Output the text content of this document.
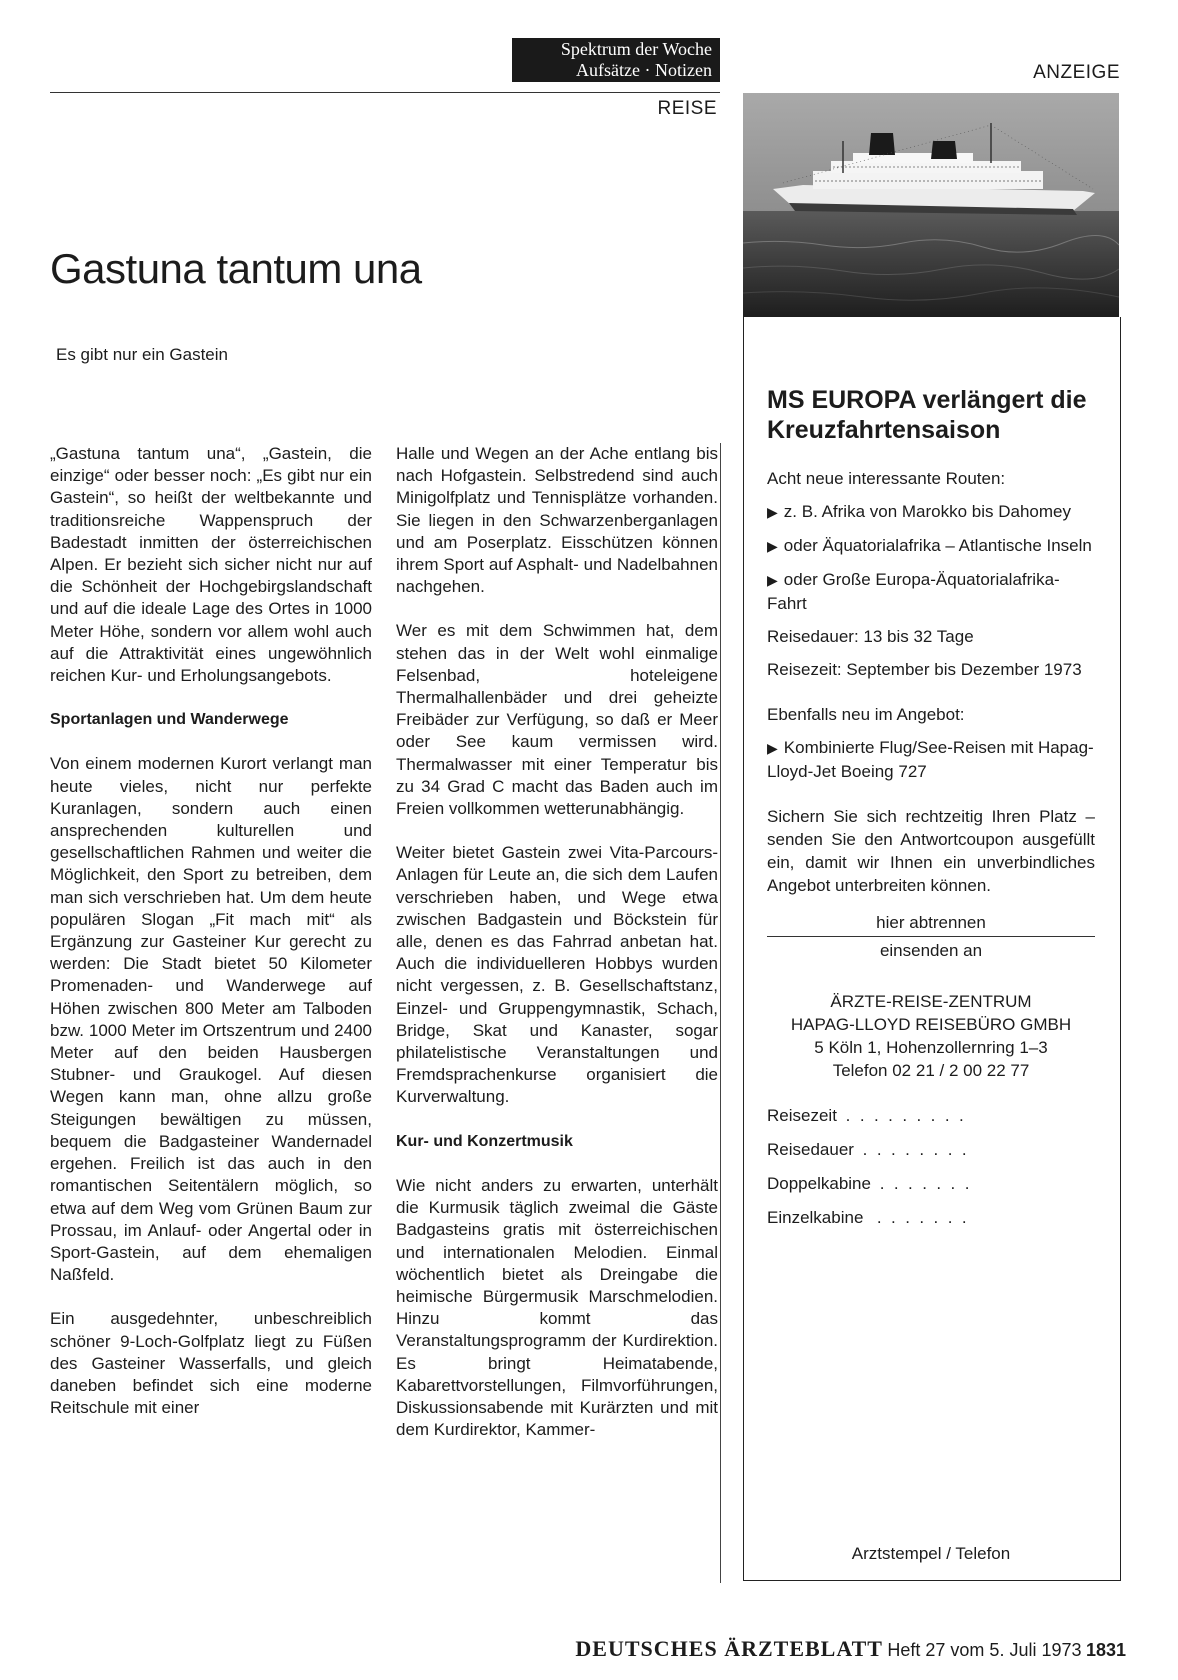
Spektrum der Woche
Aufsätze · Notizen
REISE
ANZEIGE
Gastuna tantum una
Es gibt nur ein Gastein

„Gastuna tantum una“, „Gastein, die einzige“ oder besser noch: „Es gibt nur ein Gastein“, so heißt der weltbekannte und traditionsreiche Wappenspruch der Badestadt inmitten der österreichischen Alpen. Er bezieht sich sicher nicht nur auf die Schönheit der Hochgebirgslandschaft und auf die ideale Lage des Ortes in 1000 Meter Höhe, sondern vor allem wohl auch auf die Attraktivität eines ungewöhnlich reichen Kur- und Erholungsangebots.

Sportanlagen und Wanderwege

Von einem modernen Kurort verlangt man heute vieles, nicht nur perfekte Kuranlagen, sondern auch einen ansprechenden kulturellen und gesellschaftlichen Rahmen und weiter die Möglichkeit, den Sport zu betreiben, dem man sich verschrieben hat. Um dem heute populären Slogan „Fit mach mit“ als Ergänzung zur Gasteiner Kur gerecht zu werden: Die Stadt bietet 50 Kilometer Promenaden- und Wanderwege auf Höhen zwischen 800 Meter am Talboden bzw. 1000 Meter im Ortszentrum und 2400 Meter auf den beiden Hausbergen Stubner- und Graukogel. Auf diesen Wegen kann man, ohne allzu große Steigungen bewältigen zu müssen, bequem die Badgasteiner Wandernadel ergehen. Freilich ist das auch in den romantischen Seitentälern möglich, so etwa auf dem Weg vom Grünen Baum zur Prossau, im Anlauf- oder Angertal oder in Sport-Gastein, auf dem ehemaligen Naßfeld.

Ein ausgedehnter, unbeschreiblich schöner 9-Loch-Golfplatz liegt zu Füßen des Gasteiner Wasserfalls, und gleich daneben befindet sich eine moderne Reitschule mit einer

Halle und Wegen an der Ache entlang bis nach Hofgastein. Selbstredend sind auch Minigolfplatz und Tennisplätze vorhanden. Sie liegen in den Schwarzenberganlagen und am Poserplatz. Eisschützen können ihrem Sport auf Asphalt- und Nadelbahnen nachgehen.

Wer es mit dem Schwimmen hat, dem stehen das in der Welt wohl einmalige Felsenbad, hoteleigene Thermalhallenbäder und drei geheizte Freibäder zur Verfügung, so daß er Meer oder See kaum vermissen wird. Thermalwasser mit einer Temperatur bis zu 34 Grad C macht das Baden auch im Freien vollkommen wetterunabhängig.

Weiter bietet Gastein zwei Vita-Parcours-Anlagen für Leute an, die sich dem Laufen verschrieben haben, und Wege etwa zwischen Badgastein und Böckstein für alle, denen es das Fahrrad anbetan hat. Auch die individuelleren Hobbys wurden nicht vergessen, z. B. Gesellschaftstanz, Einzel- und Gruppengymnastik, Schach, Bridge, Skat und Kanaster, sogar philatelistische Veranstaltungen und Fremdsprachenkurse organisiert die Kurverwaltung.

Kur- und Konzertmusik

Wie nicht anders zu erwarten, unterhält die Kurmusik täglich zweimal die Gäste Badgasteins gratis mit österreichischen und internationalen Melodien. Einmal wöchentlich bietet als Dreingabe die heimische Bürgermusik Marschmelodien. Hinzu kommt das Veranstaltungsprogramm der Kurdirektion. Es bringt Heimatabende, Kabarettvorstellungen, Filmvorführungen, Diskussionsabende mit Kurärzten und mit dem Kurdirektor, Kammer-

MS EUROPA verlängert die Kreuzfahrtensaison

Acht neue interessante Routen:

▶ z. B. Afrika von Marokko bis Dahomey

▶ oder Äquatorialafrika – Atlantische Inseln

▶ oder Große Europa-Äquatorialafrika-Fahrt

Reisedauer: 13 bis 32 Tage

Reisezeit: September bis Dezember 1973

Ebenfalls neu im Angebot:

▶ Kombinierte Flug/See-Reisen mit Hapag-Lloyd-Jet Boeing 727

Sichern Sie sich rechtzeitig Ihren Platz – senden Sie den Antwortcoupon ausgefüllt ein, damit wir Ihnen ein unverbindliches Angebot unterbreiten können.

hier abtrennen
einsenden an
ÄRZTE-REISE-ZENTRUM
HAPAG-LLOYD REISEBÜRO GMBH
5 Köln 1, Hohenzollernring 1–3
Telefon 02 21 / 2 00 22 77
Reisezeit .  .  .  .  .  .  .  .  .
Reisedauer .  .  .  .  .  .  .  .
Doppelkabine .  .  .  .  .  .  .
Einzelkabine .  .  .  .  .  .  .
Arztstempel / Telefon
DEUTSCHES ÄRZTEBLATT Heft 27 vom 5. Juli 1973 1831
